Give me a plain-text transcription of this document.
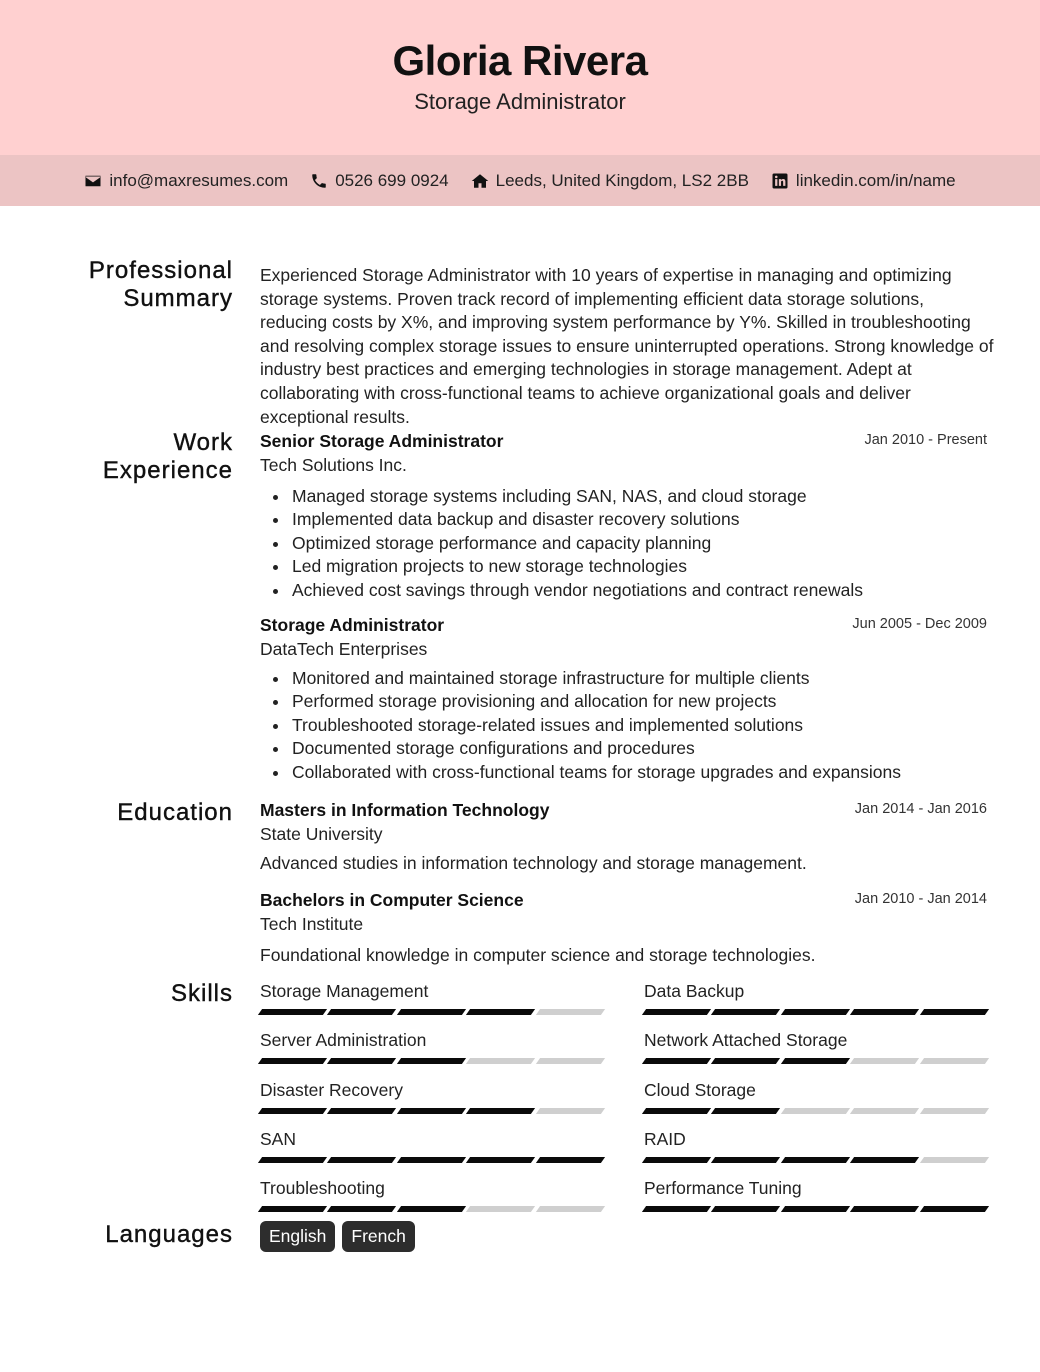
Gloria Rivera
Storage Administrator
info@maxresumes.com	0526 699 0924	Leeds, United Kingdom, LS2 2BB	linkedin.com/in/name
Professional Summary
Work Experience
Education
Skills
Languages
Experienced Storage Administrator with 10 years of expertise in managing and optimizing storage systems. Proven track record of implementing efficient data storage solutions, reducing costs by X%, and improving system performance by Y%. Skilled in troubleshooting and resolving complex storage issues to ensure uninterrupted operations. Strong knowledge of industry best practices and emerging technologies in storage management. Adept at collaborating with cross-functional teams to achieve organizational goals and deliver exceptional results.
Senior Storage Administrator	Jan 2010 - Present
Tech Solutions Inc.
Managed storage systems including SAN, NAS, and cloud storage
Implemented data backup and disaster recovery solutions
Optimized storage performance and capacity planning
Led migration projects to new storage technologies
Achieved cost savings through vendor negotiations and contract renewals
Storage Administrator	Jun 2005 - Dec 2009
DataTech Enterprises
Monitored and maintained storage infrastructure for multiple clients
Performed storage provisioning and allocation for new projects
Troubleshooted storage-related issues and implemented solutions
Documented storage configurations and procedures
Collaborated with cross-functional teams for storage upgrades and expansions
Masters in Information Technology	Jan 2014 - Jan 2016
State University
Advanced studies in information technology and storage management.
Bachelors in Computer Science	Jan 2010 - Jan 2014
Tech Institute
Foundational knowledge in computer science and storage technologies.
Storage Management	Data Backup
Server Administration	Network Attached Storage
Disaster Recovery	Cloud Storage
SAN	RAID
Troubleshooting	Performance Tuning
English	French
